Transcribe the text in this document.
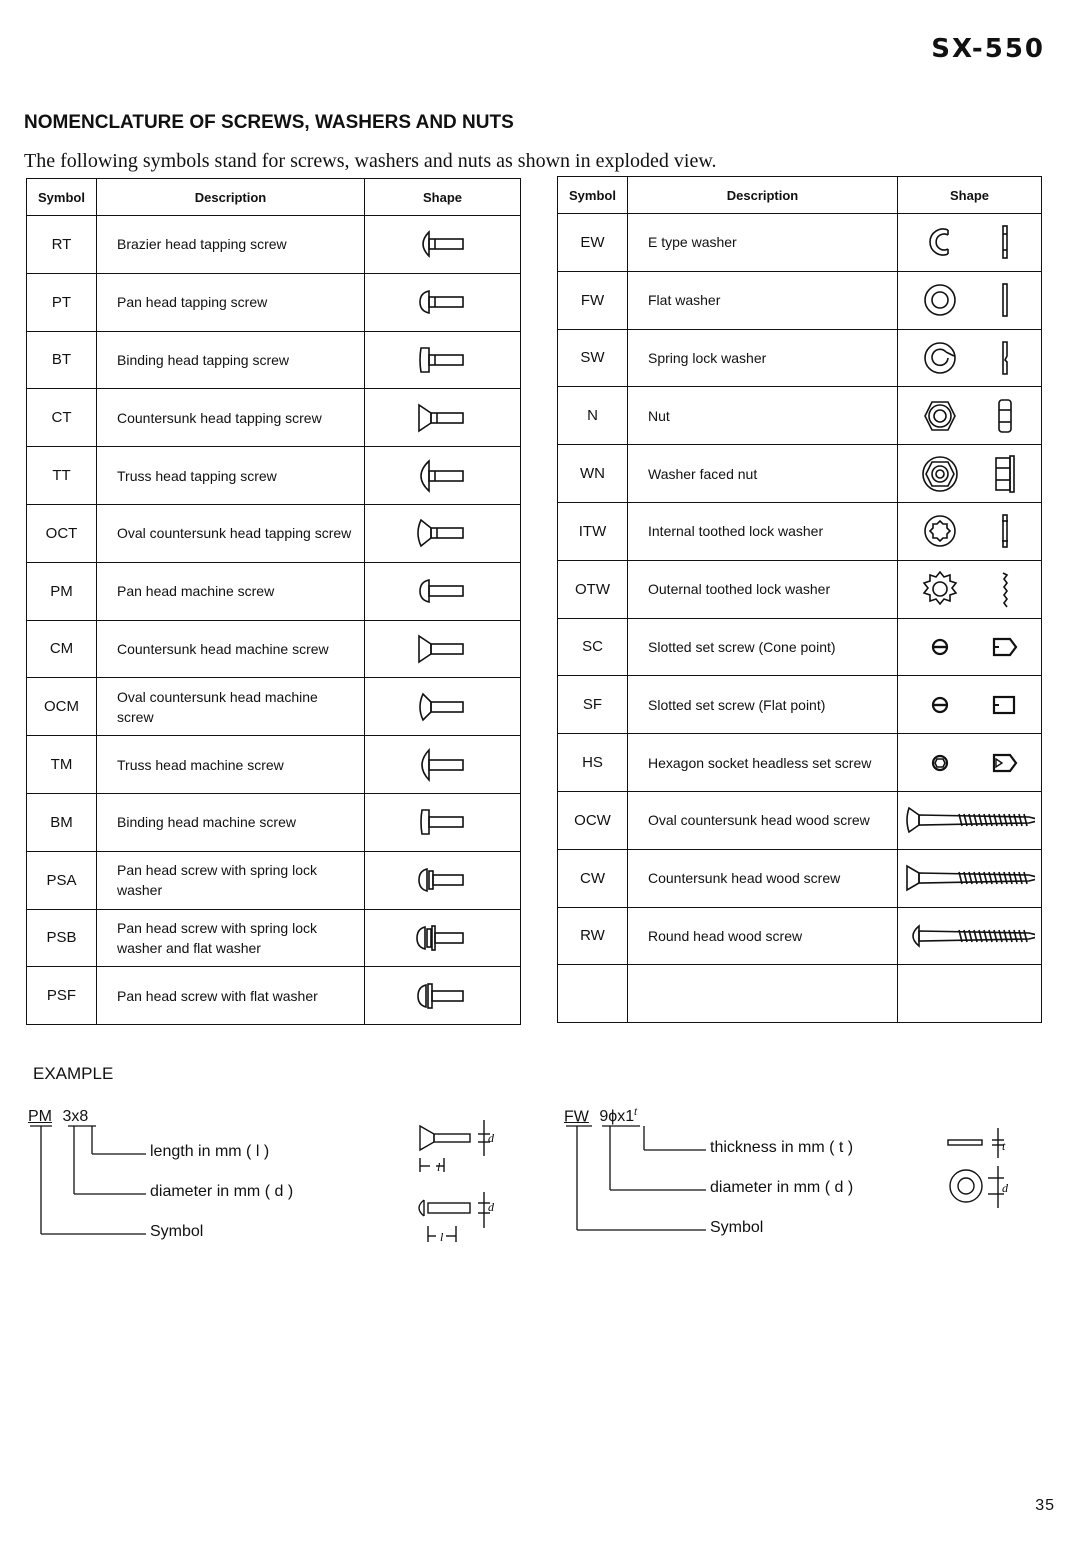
SX-550
NOMENCLATURE OF SCREWS, WASHERS AND NUTS
The following symbols stand for screws, washers and nuts as shown in exploded view.
Symbol	Description	Shape
RT	Brazier head tapping screw	

PT	Pan head tapping screw	

BT	Binding head tapping screw	

CT	Countersunk head tapping screw	

TT	Truss head tapping screw	

OCT	Oval countersunk head tapping screw	

PM	Pan head machine screw	

CM	Countersunk head machine screw	

OCM	Oval countersunk head machine screw	

TM	Truss head machine screw	

BM	Binding head machine screw	

PSA	Pan head screw with spring lock washer	

PSB	Pan head screw with spring lock washer and flat washer	

PSF	Pan head screw with flat washer	
Symbol	Description	Shape
EW	E type washer	

FW	Flat washer	

SW	Spring lock washer	

N	Nut	

WN	Washer faced nut	

ITW	Internal toothed lock washer	

OTW	Outernal toothed lock washer	

SC	Slotted set screw (Cone point)	

SF	Slotted set screw (Flat point)	

HS	Hexagon socket headless set screw	

OCW	Oval countersunk head wood screw	

CW	Countersunk head wood screw	

RW	Round head wood screw	

EXAMPLE
PM 3x8
length in mm ( l )
diameter in mm ( d )
Symbol
d
l
d
l
FW 9ϕx1$^t$
thickness in mm ( t )
diameter in mm ( d )
Symbol
t
d
35
